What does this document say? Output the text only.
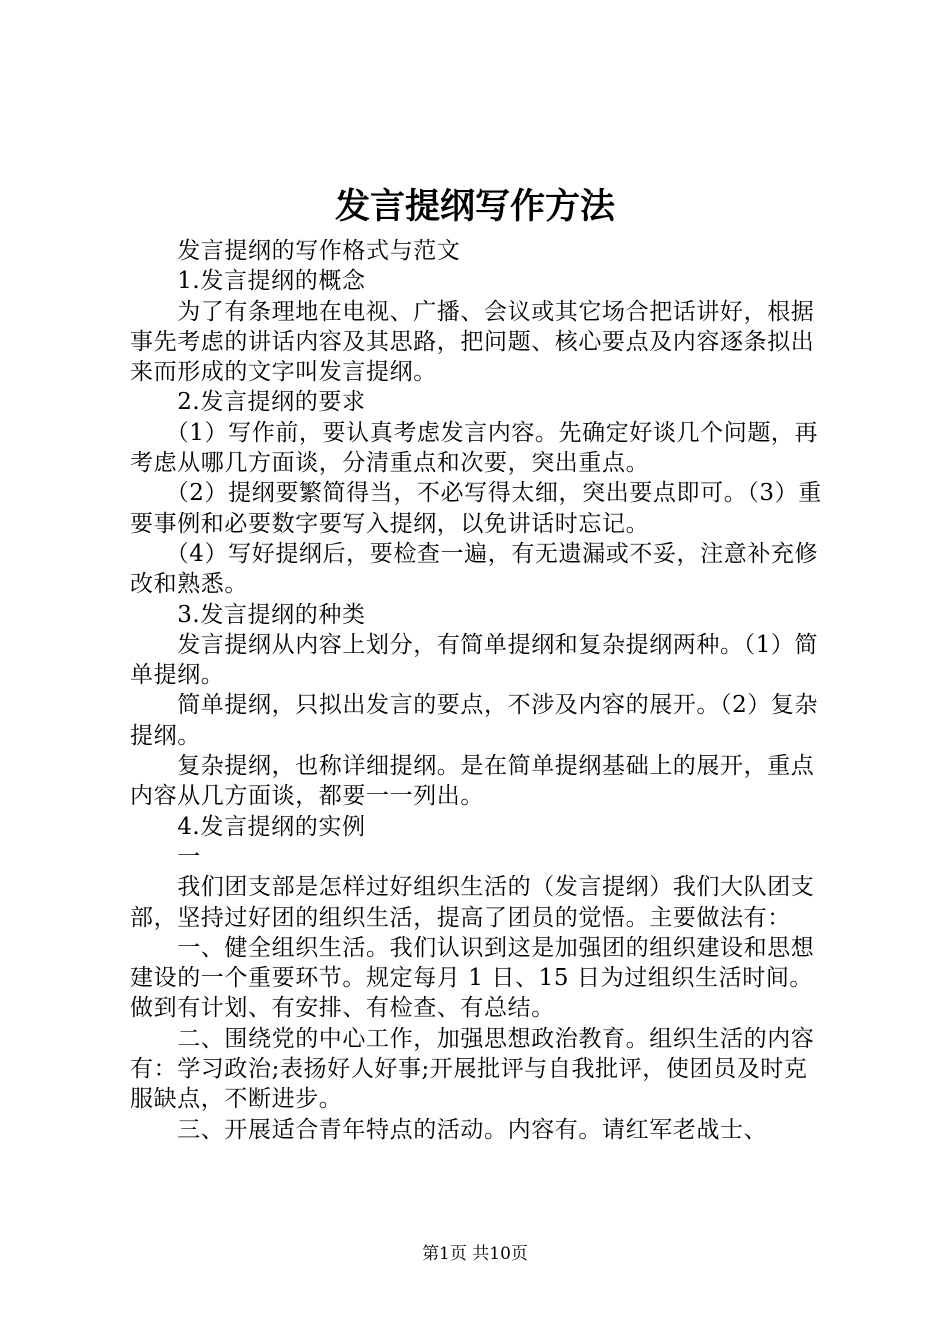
发言提纲写作方法

　　发言提纲的写作格式与范文

　　1.发言提纲的概念

　　为了有条理地在电视、广播、会议或其它场合把话讲好，根据事先考虑的讲话内容及其思路，把问题、核心要点及内容逐条拟出来而形成的文字叫发言提纲。

　　2.发言提纲的要求

　　（1）写作前，要认真考虑发言内容。先确定好谈几个问题，再考虑从哪几方面谈，分清重点和次要，突出重点。

　　（2）提纲要繁简得当，不必写得太细，突出要点即可。（3）重要事例和必要数字要写入提纲，以免讲话时忘记。

　　（4）写好提纲后，要检查一遍，有无遗漏或不妥，注意补充修改和熟悉。

　　3.发言提纲的种类

　　发言提纲从内容上划分，有简单提纲和复杂提纲两种。（1）简单提纲。

　　简单提纲，只拟出发言的要点，不涉及内容的展开。（2）复杂提纲。

　　复杂提纲，也称详细提纲。是在简单提纲基础上的展开，重点内容从几方面谈，都要一一列出。

　　4.发言提纲的实例

　　一

　　我们团支部是怎样过好组织生活的（发言提纲）我们大队团支部，坚持过好团的组织生活，提高了团员的觉悟。主要做法有：

　　一、健全组织生活。我们认识到这是加强团的组织建设和思想建设的一个重要环节。规定每月 1 日、15 日为过组织生活时间。做到有计划、有安排、有检查、有总结。

　　二、围绕党的中心工作，加强思想政治教育。组织生活的内容有：学习政治;表扬好人好事;开展批评与自我批评，使团员及时克服缺点，不断进步。

　　三、开展适合青年特点的活动。内容有。请红军老战士、

第1页 共10页
